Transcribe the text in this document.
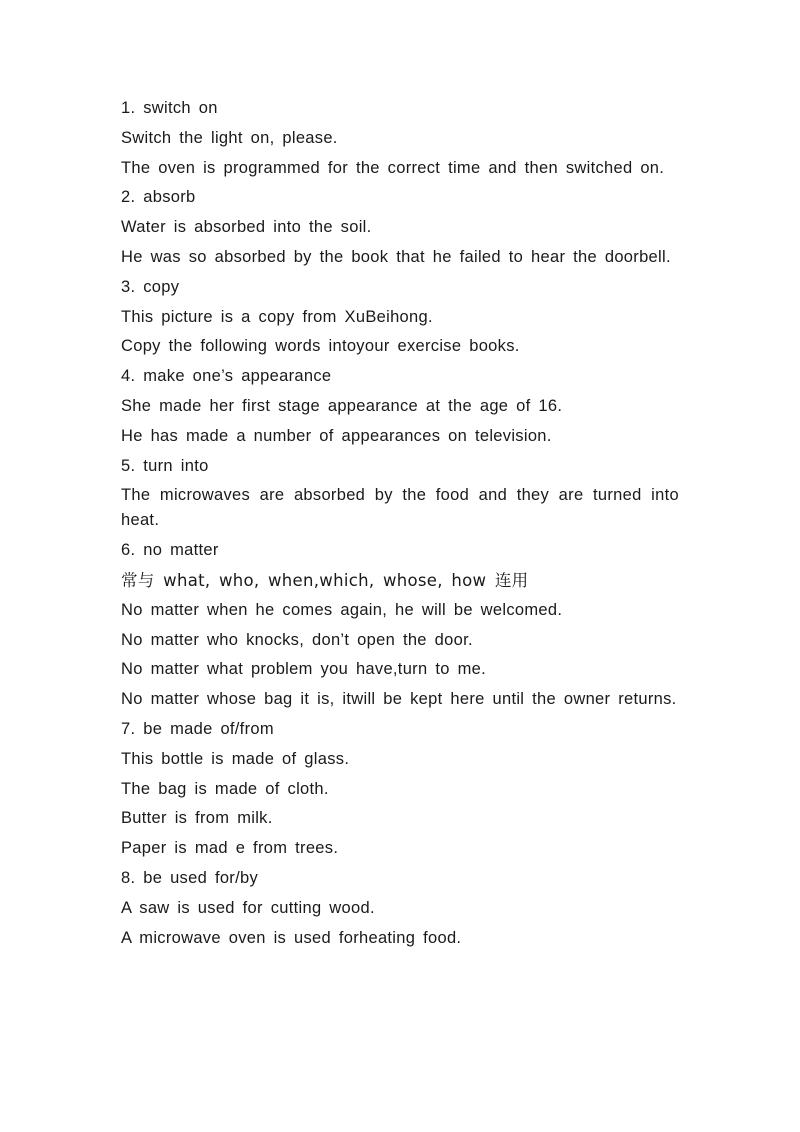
1. switch on
Switch the light on, please.
The oven is programmed for the correct time and then switched on.
2. absorb
Water is absorbed into the soil.
He was so absorbed by the book that he failed to hear the doorbell.
3. copy
This picture is a copy from XuBeihong.
Copy the following words intoyour exercise books.
4. make one’s appearance
She made her first stage appearance at the age of 16.
He has made a number of appearances on television.
5. turn into
The microwaves are absorbed by the food and they are turned into heat.
6. no matter
常与 what, who, when,which, whose, how 连用
No matter when he comes again, he will be welcomed.
No matter who knocks, don’t open the door.
No matter what problem you have,turn to me.
No matter whose bag it is, itwill be kept here until the owner returns.
7. be made of/from
This bottle is made of glass.
The bag is made of cloth.
Butter is from milk.
Paper is mad e from trees.
8. be used for/by
A saw is used for cutting wood.
A microwave oven is used forheating food.
